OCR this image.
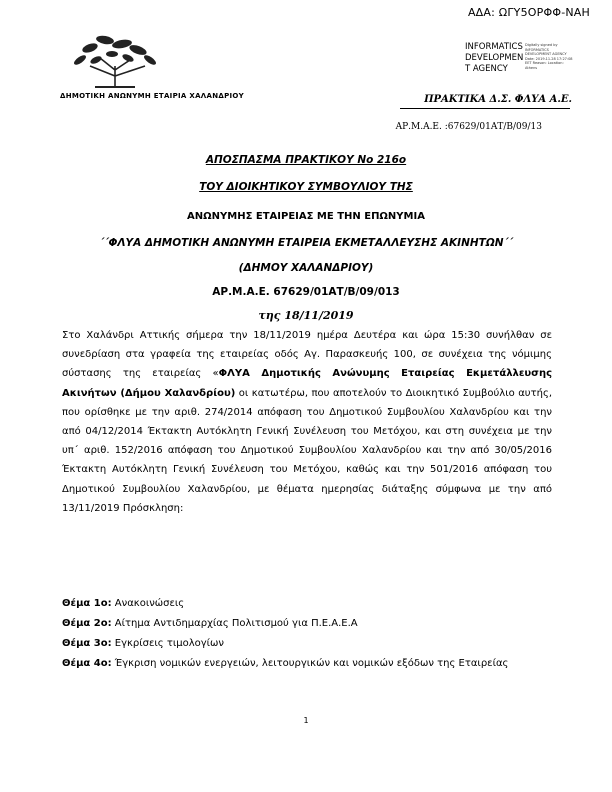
ΑΔΑ: ΩΓΥ5ΟΡΦΦ-ΝΑΗ
ΔΗΜΟΤΙΚΗ ΑΝΩΝΥΜΗ ΕΤΑΙΡΙΑ ΧΑΛΑΝΔΡΙΟΥ
INFORMATICS DEVELOPMEN T AGENCY
Digitally signed by INFORMATICS DEVELOPMENT AGENCY Date: 2019.11.28 17:27:08 EET Reason: Location: Athens
ΠΡΑΚΤΙΚΑ Δ.Σ. ΦΛΥΑ Α.Ε.
ΑΡ.Μ.Α.Ε. :67629/01ΑΤ/Β/09/13
ΑΠΟΣΠΑΣΜΑ ΠΡΑΚΤΙΚΟΥ Νο 216ο
ΤΟΥ ΔΙΟΙΚΗΤΙΚΟΥ ΣΥΜΒΟΥΛΙΟΥ ΤΗΣ
ΑΝΩΝΥΜΗΣ ΕΤΑΙΡΕΙΑΣ ΜΕ ΤΗΝ ΕΠΩΝΥΜΙΑ
΄΄ΦΛΥΑ ΔΗΜΟΤΙΚΗ ΑΝΩΝΥΜΗ ΕΤΑΙΡΕΙΑ ΕΚΜΕΤΑΛΛΕΥΣΗΣ ΑΚΙΝΗΤΩΝ΄΄
(ΔΗΜΟΥ ΧΑΛΑΝΔΡΙΟΥ)
ΑΡ.Μ.Α.Ε. 67629/01ΑΤ/Β/09/013
της 18/11/2019
Στο Χαλάνδρι Αττικής σήμερα την 18/11/2019 ημέρα Δευτέρα και ώρα 15:30 συνήλθαν σε συνεδρίαση στα γραφεία της εταιρείας οδός Αγ. Παρασκευής 100, σε συνέχεια της νόμιμης σύστασης της εταιρείας «ΦΛΥΑ Δημοτικής Ανώνυμης Εταιρείας Εκμετάλλευσης Ακινήτων (Δήμου Χαλανδρίου) οι κατωτέρω, που αποτελούν το Διοικητικό Συμβούλιο αυτής, που ορίσθηκε με την αριθ. 274/2014 απόφαση του Δημοτικού Συμβουλίου Χαλανδρίου και την από 04/12/2014 Έκτακτη Αυτόκλητη Γενική Συνέλευση του Μετόχου, και στη συνέχεια με την υπ΄ αριθ. 152/2016 απόφαση του Δημοτικού Συμβουλίου Χαλανδρίου και την από 30/05/2016 Έκτακτη Αυτόκλητη Γενική Συνέλευση του Μετόχου, καθώς και την 501/2016 απόφαση του Δημοτικού Συμβουλίου Χαλανδρίου, με θέματα ημερησίας διάταξης σύμφωνα με την από 13/11/2019 Πρόσκληση:
Θέμα 1ο: Ανακοινώσεις
Θέμα 2ο: Αίτημα Αντιδημαρχίας Πολιτισμού για Π.Ε.Α.Ε.Α
Θέμα 3ο: Εγκρίσεις τιμολογίων
Θέμα 4ο: Έγκριση νομικών ενεργειών, λειτουργικών και νομικών εξόδων της Εταιρείας
1
